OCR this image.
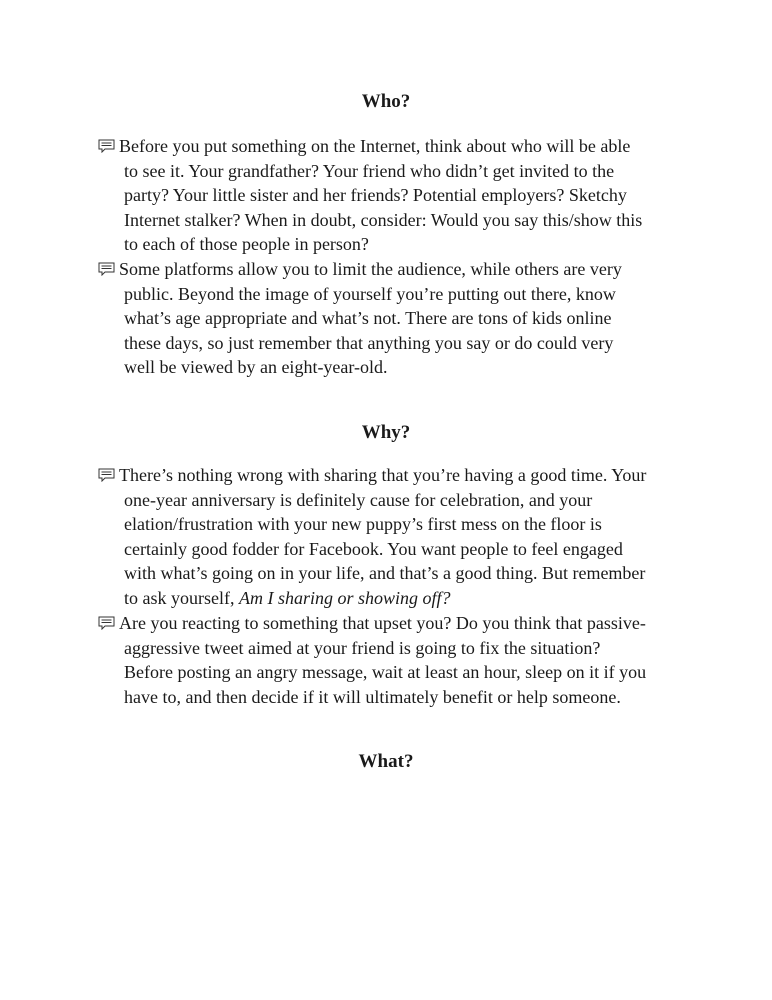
Who?
Before you put something on the Internet, think about who will be able
to see it. Your grandfather? Your friend who didn’t get invited to the
party? Your little sister and her friends? Potential employers? Sketchy
Internet stalker? When in doubt, consider: Would you say this/show this
to each of those people in person?
Some platforms allow you to limit the audience, while others are very
public. Beyond the image of yourself you’re putting out there, know
what’s age appropriate and what’s not. There are tons of kids online
these days, so just remember that anything you say or do could very
well be viewed by an eight-year-old.
Why?
There’s nothing wrong with sharing that you’re having a good time. Your
one-year anniversary is definitely cause for celebration, and your
elation/frustration with your new puppy’s first mess on the floor is
certainly good fodder for Facebook. You want people to feel engaged
with what’s going on in your life, and that’s a good thing. But remember
to ask yourself, Am I sharing or showing off?
Are you reacting to something that upset you? Do you think that passive-
aggressive tweet aimed at your friend is going to fix the situation?
Before posting an angry message, wait at least an hour, sleep on it if you
have to, and then decide if it will ultimately benefit or help someone.
What?
